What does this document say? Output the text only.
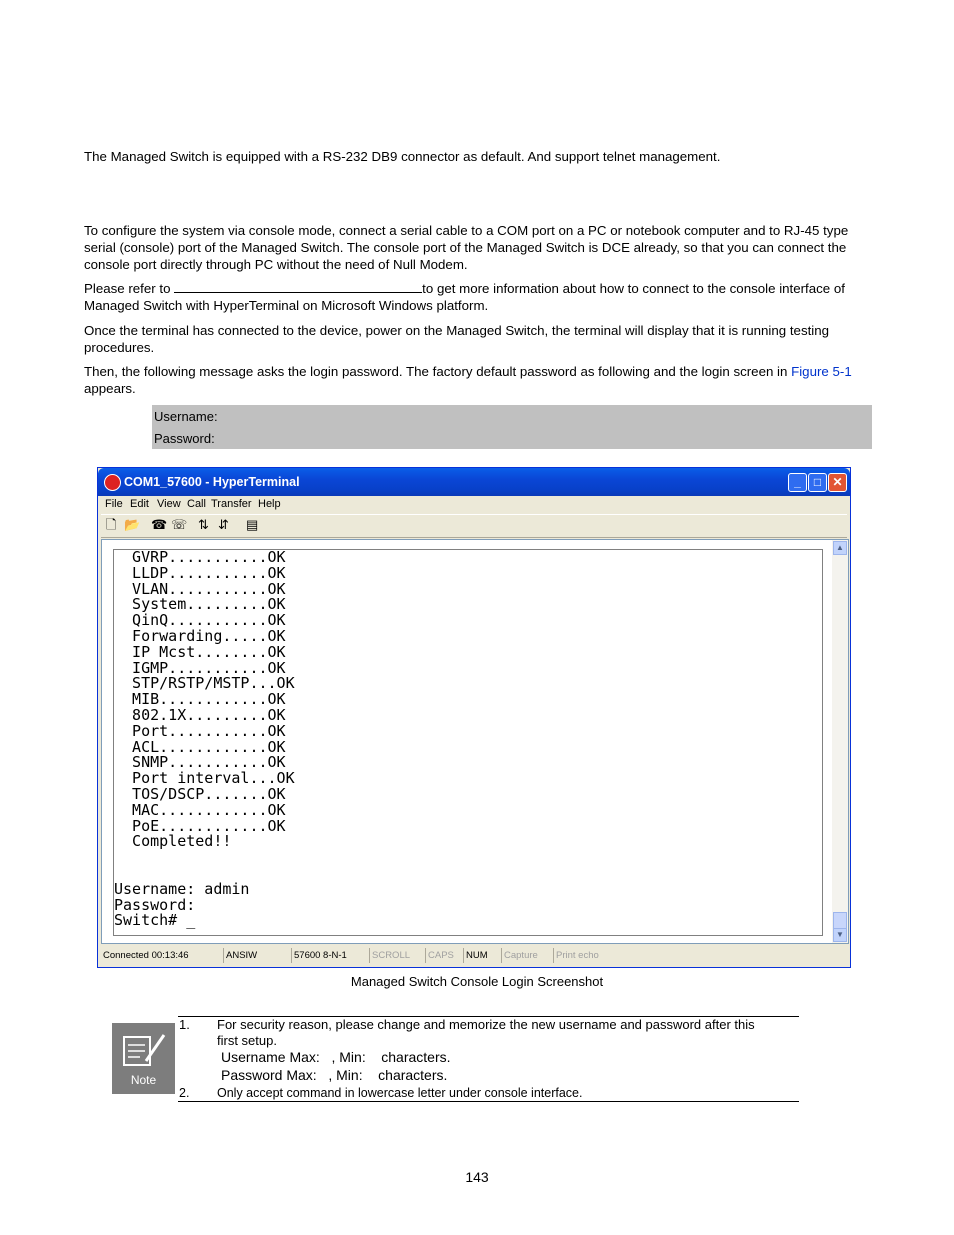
The Managed Switch is equipped with a RS-232 DB9 connector as default. And support telnet management.

To configure the system via console mode, connect a serial cable to a COM port on a PC or notebook computer and to RJ-45 type serial (console) port of the Managed Switch. The console port of the Managed Switch is DCE already, so that you can connect the console port directly through PC without the need of Null Modem.

Please refer to	to get more information about how to connect to the console interface of Managed Switch with HyperTerminal on Microsoft Windows platform.

Once the terminal has connected to the device, power on the Managed Switch, the terminal will display that it is running testing procedures.

Then, the following message asks the login password. The factory default password as following and the login screen in Figure 5-1 appears.

Username:
Password:
COM1_57600 - HyperTerminal	_	□ ✕
File Edit View Call Transfer Help
🗋 📂 ☎ ☏ ⇅ ⇵ ▤
GVRP...........OK
LLDP...........OK
VLAN...........OK
System.........OK
QinQ...........OK
Forwarding.....OK
IP Mcst........OK
IGMP...........OK
STP/RSTP/MSTP...OK
MIB............OK
802.1X.........OK
Port...........OK
ACL............OK
SNMP...........OK
Port interval...OK
TOS/DSCP.......OK
MAC............OK
PoE............OK
Completed!!
Username: admin
Password:
Switch# _
▲
▼
Connected 00:13:46	ANSIW	57600 8-N-1	SCROLL	CAPS	NUM	Capture	Print echo
Managed Switch Console Login Screenshot
Note
1. For security reason, please change and memorize the new username and password after this
first setup.
Username Max:   , Min:    characters.
Password Max:   , Min:    characters.
2. Only accept command in lowercase letter under console interface.
143
